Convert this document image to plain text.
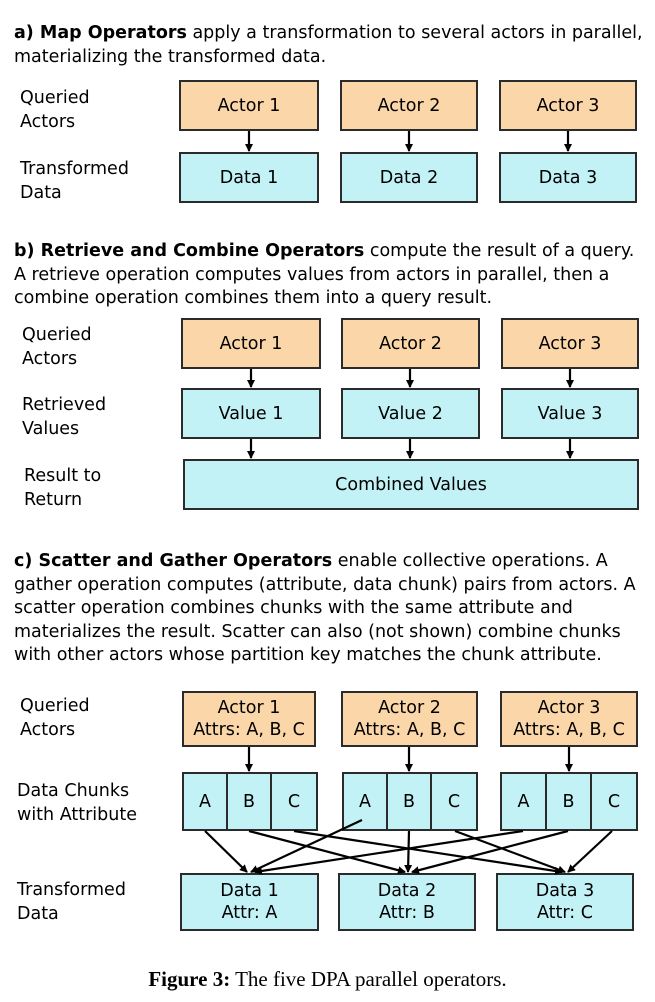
a) Map Operators apply a transformation to several actors in parallel, materializing the transformed data.
Queried
Actors
Transformed
Data
Actor 1	Actor 2	Actor 3
Data 1	Data 2	Data 3
b) Retrieve and Combine Operators compute the result of a query. A retrieve operation computes values from actors in parallel, then a combine operation combines them into a query result.
Queried
Actors
Retrieved
Values
Result to
Return
Actor 1	Actor 2	Actor 3
Value 1	Value 2	Value 3
Combined Values
c) Scatter and Gather Operators enable collective operations. A gather operation computes (attribute, data chunk) pairs from actors. A scatter operation combines chunks with the same attribute and materializes the result. Scatter can also (not shown) combine chunks with other actors whose partition key matches the chunk attribute.
Queried
Actors
Data Chunks
with Attribute
Transformed
Data
Actor 1
Attrs: A, B, C
Actor 2
Attrs: A, B, C
Actor 3
Attrs: A, B, C
A	B	C	A	B	C	A	B	C
Data 1
Attr: A
Data 2
Attr: B
Data 3
Attr: C
Figure 3: The five DPA parallel operators.
